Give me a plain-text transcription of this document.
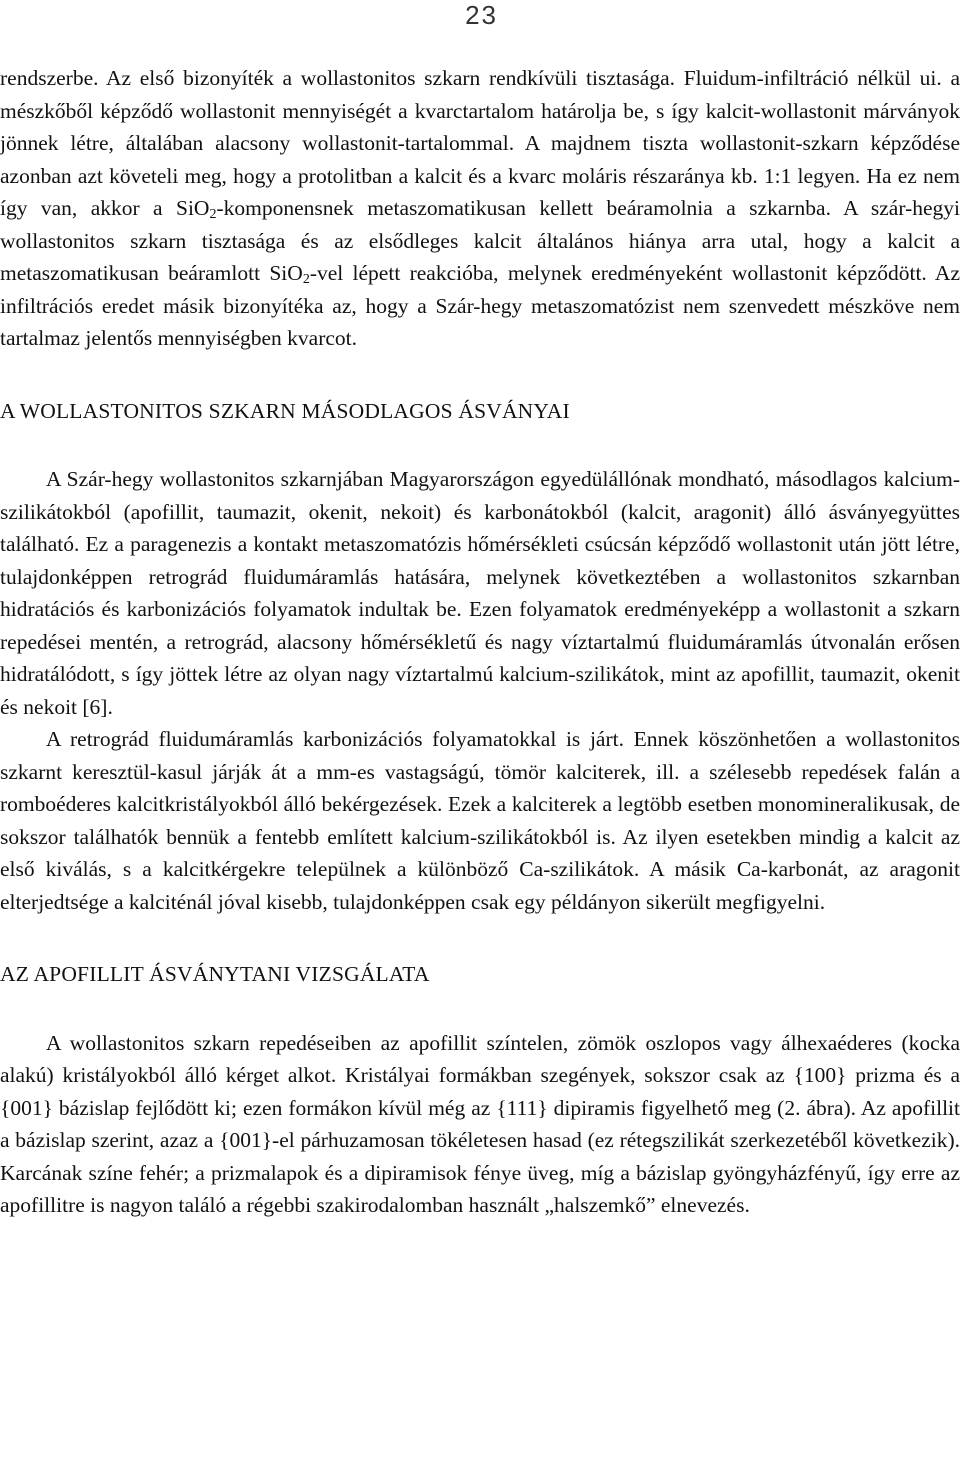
23

rendszerbe. Az első bizonyíték a wollastonitos szkarn rendkívüli tisztasága. Fluidum-infiltráció nélkül ui. a mészkőből képződő wollastonit mennyiségét a kvarctartalom határolja be, s így kalcit-wollastonit márványok jönnek létre, általában alacsony wollastonit-tartalommal. A majdnem tiszta wollastonit-szkarn képződése azonban azt követeli meg, hogy a protolitban a kalcit és a kvarc moláris részaránya kb. 1:1 legyen. Ha ez nem így van, akkor a SiO$_2$-komponensnek metaszomatikusan kellett beáramolnia a szkarnba. A szár-hegyi wollastonitos szkarn tisztasága és az elsődleges kalcit általános hiánya arra utal, hogy a kalcit a metaszomatikusan beáramlott SiO$_2$-vel lépett reakcióba, melynek eredményeként wollastonit képződött. Az infiltrációs eredet másik bizonyítéka az, hogy a Szár-hegy metaszomatózist nem szenvedett mészköve nem tartalmaz jelentős mennyiségben kvarcot.

A WOLLASTONITOS SZKARN MÁSODLAGOS ÁSVÁNYAI

A Szár-hegy wollastonitos szkarnjában Magyarországon egyedülállónak mondható, másodlagos kalcium-szilikátokból (apofillit, taumazit, okenit, nekoit) és karbonátokból (kalcit, aragonit) álló ásványegyüttes található. Ez a paragenezis a kontakt metaszomatózis hőmérsékleti csúcsán képződő wollastonit után jött létre, tulajdonképpen retrográd fluidumáramlás hatására, melynek következtében a wollastonitos szkarnban hidratációs és karbonizációs folyamatok indultak be. Ezen folyamatok eredményeképp a wollastonit a szkarn repedései mentén, a retrográd, alacsony hőmérsékletű és nagy víztartalmú fluidumáramlás útvonalán erősen hidratálódott, s így jöttek létre az olyan nagy víztartalmú kalcium-szilikátok, mint az apofillit, taumazit, okenit és nekoit [6].

A retrográd fluidumáramlás karbonizációs folyamatokkal is járt. Ennek köszönhetően a wollastonitos szkarnt keresztül-kasul járják át a mm-es vastagságú, tömör kalciterek, ill. a szélesebb repedések falán a romboéderes kalcitkristályokból álló bekérgezések. Ezek a kalciterek a legtöbb esetben monomineralikusak, de sokszor találhatók bennük a fentebb említett kalcium-szilikátokból is. Az ilyen esetekben mindig a kalcit az első kiválás, s a kalcitkérgekre települnek a különböző Ca-szilikátok. A másik Ca-karbonát, az aragonit elterjedtsége a kalciténál jóval kisebb, tulajdonképpen csak egy példányon sikerült megfigyelni.

AZ APOFILLIT ÁSVÁNYTANI VIZSGÁLATA

A wollastonitos szkarn repedéseiben az apofillit színtelen, zömök oszlopos vagy álhexaéderes (kocka alakú) kristályokból álló kérget alkot. Kristályai formákban szegények, sokszor csak az {100} prizma és a {001} bázislap fejlődött ki; ezen formákon kívül még az {111} dipiramis figyelhető meg (2. ábra). Az apofillit a bázislap szerint, azaz a {001}-el párhuzamosan tökéletesen hasad (ez rétegszilikát szerkezetéből következik). Karcának színe fehér; a prizmalapok és a dipiramisok fénye üveg, míg a bázislap gyöngyházfényű, így erre az apofillitre is nagyon találó a régebbi szakirodalomban használt „halszemkő” elnevezés.
